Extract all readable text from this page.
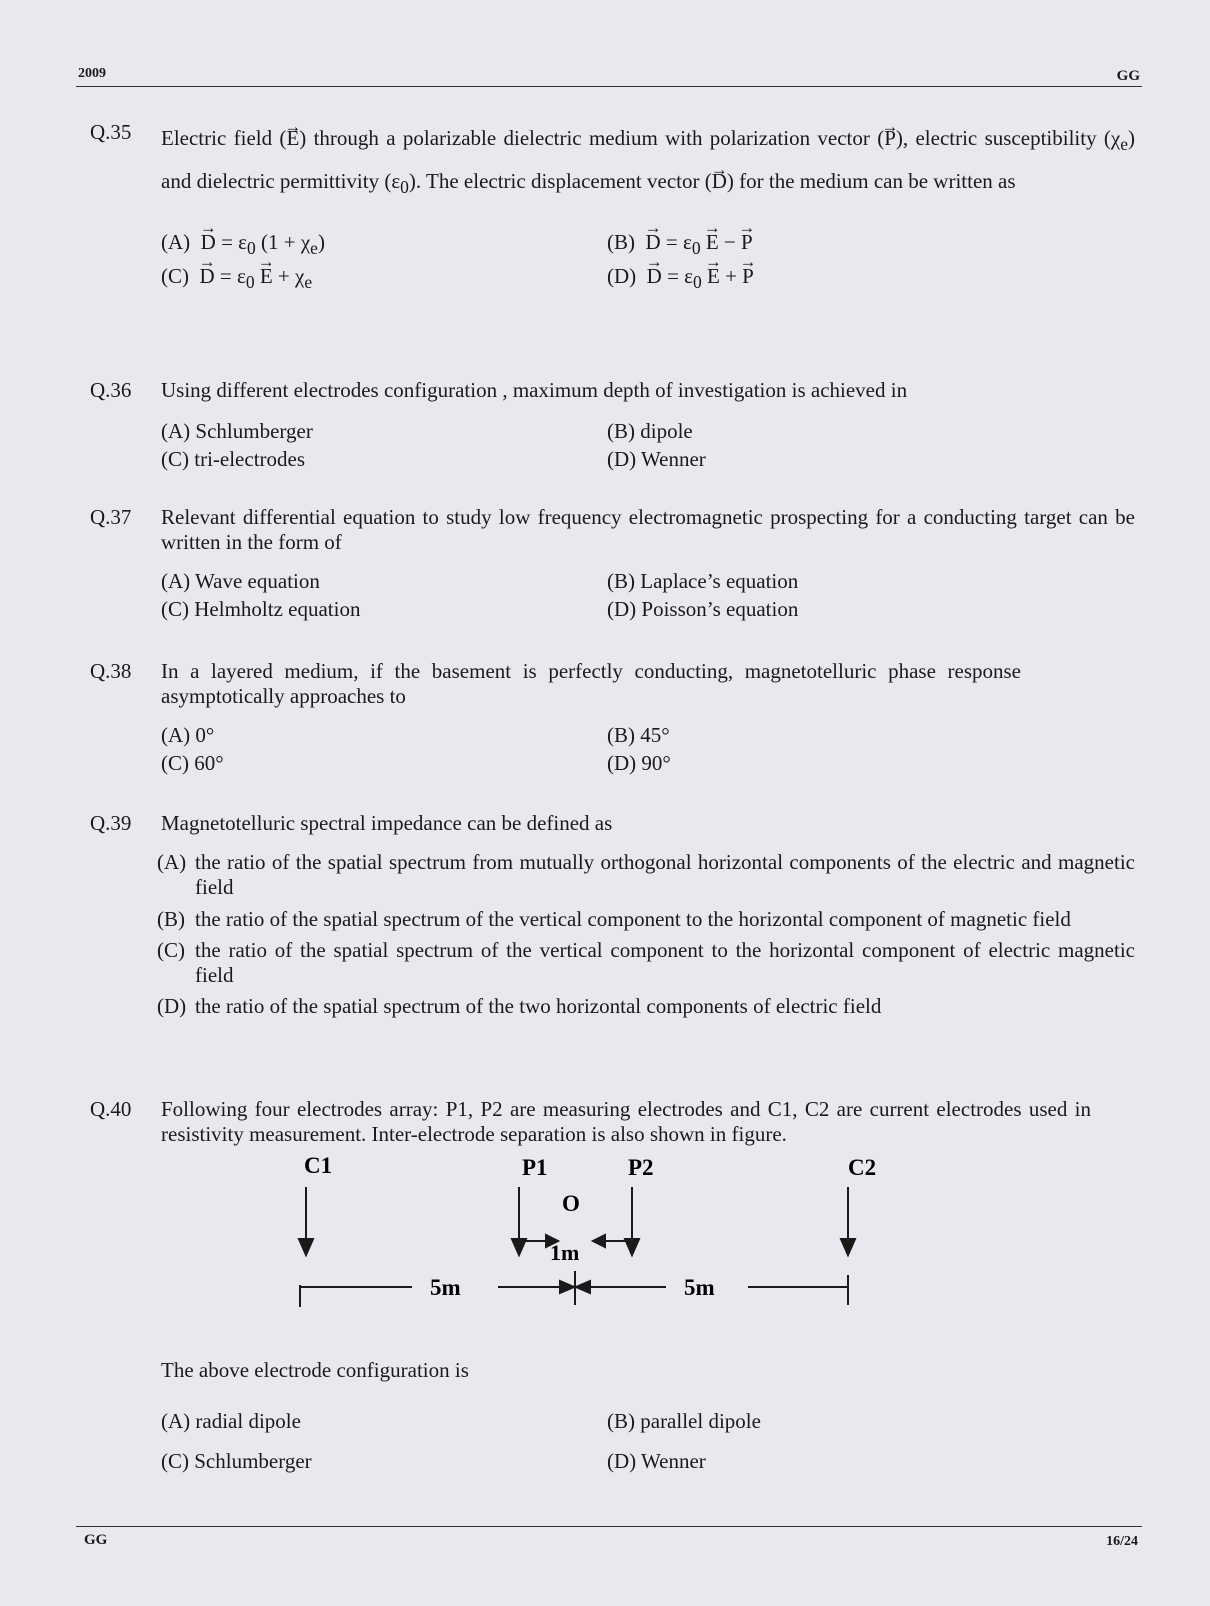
2009	GG
Q.35 Electric field (→ E) through a polarizable dielectric medium with polarization vector (→ P), electric susceptibility $(\chi_e)$ and dielectric permittivity $(\varepsilon_0)$. The electric displacement vector (→ D) for the medium can be written as
$(A) \to D = \varepsilon_0$ $(1 + \chi_e)$	$(B) \to D = \varepsilon_0 \to E$ − → P
$(C) \to D = \varepsilon_0 \to E + \chi_e$	$(D) \to D = \varepsilon_0 \to E$ + → P
Q.36 Using different electrodes configuration , maximum depth of investigation is achieved in
(A) Schlumberger	(B) dipole
(C) tri-electrodes	(D) Wenner
Q.37 Relevant differential equation to study low frequency electromagnetic prospecting for a conducting target can be written in the form of
(A) Wave equation	(B) Laplace’s equation
(C) Helmholtz equation	(D) Poisson’s equation
Q.38 In a layered medium, if the basement is perfectly conducting, magnetotelluric phase response asymptotically approaches to
(A) 0°	(B) 45°
(C) 60°	(D) 90°
Q.39 Magnetotelluric spectral impedance can be defined as
(A) the ratio of the spatial spectrum from mutually orthogonal horizontal components of the electric and magnetic field
(B) the ratio of the spatial spectrum of the vertical component to the horizontal component of magnetic field
(C) the ratio of the spatial spectrum of the vertical component to the horizontal component of electric magnetic field
(D) the ratio of the spatial spectrum of the two horizontal components of electric field
Q.40 Following four electrodes array: P1, P2 are measuring electrodes and C1, C2 are current electrodes used in resistivity measurement. Inter-electrode separation is also shown in figure.
C1	P1
O
P2	C2
1m
5m	5m
The above electrode configuration is
(A) radial dipole	(B) parallel dipole
(C) Schlumberger	(D) Wenner
GG	16/24
